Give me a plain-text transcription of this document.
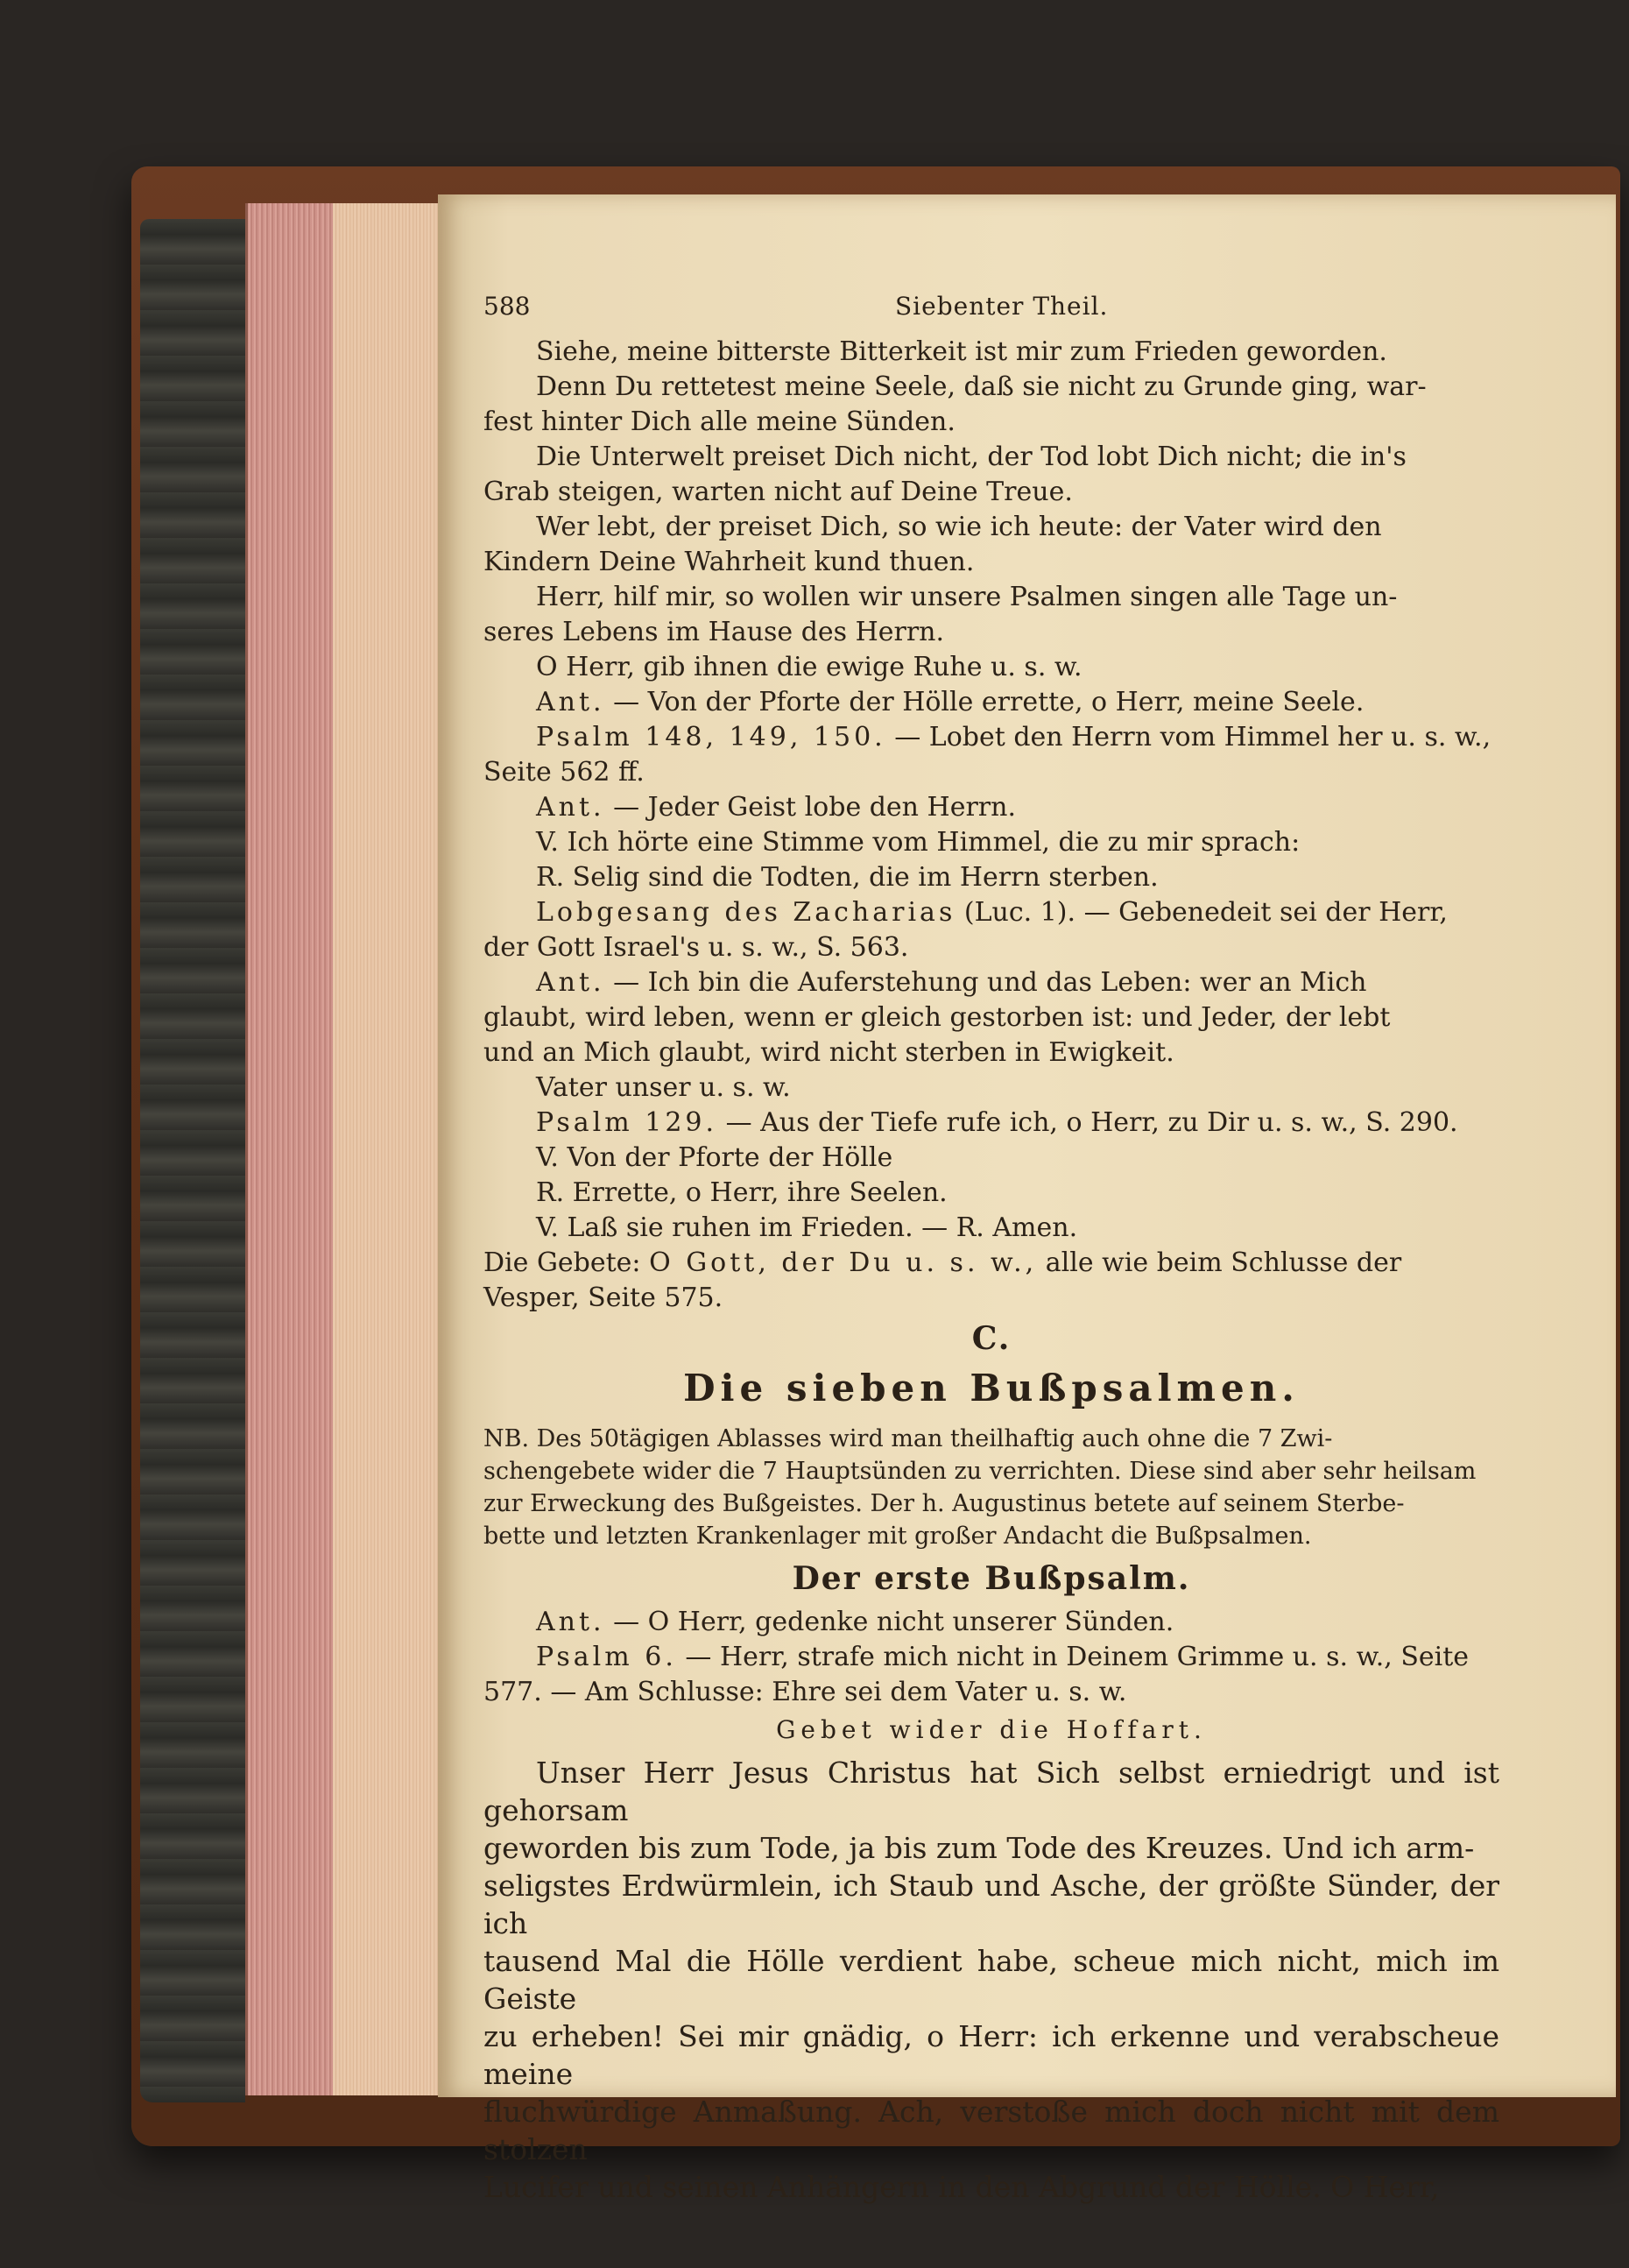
588	Siebenter Theil.

Siehe, meine bitterste Bitterkeit ist mir zum Frieden geworden.

Denn Du rettetest meine Seele, daß sie nicht zu Grunde ging, war-
fest hinter Dich alle meine Sünden.

Die Unterwelt preiset Dich nicht, der Tod lobt Dich nicht; die in's
Grab steigen, warten nicht auf Deine Treue.

Wer lebt, der preiset Dich, so wie ich heute: der Vater wird den
Kindern Deine Wahrheit kund thuen.

Herr, hilf mir, so wollen wir unsere Psalmen singen alle Tage un-
seres Lebens im Hause des Herrn.

O Herr, gib ihnen die ewige Ruhe u. s. w.

Ant. — Von der Pforte der Hölle errette, o Herr, meine Seele.

Psalm 148, 149, 150. — Lobet den Herrn vom Himmel her u. s. w.,
Seite 562 ff.

Ant. — Jeder Geist lobe den Herrn.

V. Ich hörte eine Stimme vom Himmel, die zu mir sprach:

R. Selig sind die Todten, die im Herrn sterben.

Lobgesang des Zacharias (Luc. 1). — Gebenedeit sei der Herr,
der Gott Israel's u. s. w., S. 563.

Ant. — Ich bin die Auferstehung und das Leben: wer an Mich
glaubt, wird leben, wenn er gleich gestorben ist: und Jeder, der lebt
und an Mich glaubt, wird nicht sterben in Ewigkeit.

Vater unser u. s. w.

Psalm 129. — Aus der Tiefe rufe ich, o Herr, zu Dir u. s. w., S. 290.

V. Von der Pforte der Hölle

R. Errette, o Herr, ihre Seelen.

V. Laß sie ruhen im Frieden. — R. Amen.

Die Gebete: O Gott, der Du u. s. w., alle wie beim Schlusse der
Vesper, Seite 575.

C.

Die sieben Bußpsalmen.

NB. Des 50tägigen Ablasses wird man theilhaftig auch ohne die 7 Zwi-
schengebete wider die 7 Hauptsünden zu verrichten. Diese sind aber sehr heilsam
zur Erweckung des Bußgeistes. Der h. Augustinus betete auf seinem Sterbe-
bette und letzten Krankenlager mit großer Andacht die Bußpsalmen.

Der erste Bußpsalm.

Ant. — O Herr, gedenke nicht unserer Sünden.

Psalm 6. — Herr, strafe mich nicht in Deinem Grimme u. s. w., Seite
577. — Am Schlusse: Ehre sei dem Vater u. s. w.

Gebet wider die Hoffart.

Unser Herr Jesus Christus hat Sich selbst erniedrigt und ist gehorsam
geworden bis zum Tode, ja bis zum Tode des Kreuzes. Und ich arm-
seligstes Erdwürmlein, ich Staub und Asche, der größte Sünder, der ich
tausend Mal die Hölle verdient habe, scheue mich nicht, mich im Geiste
zu erheben! Sei mir gnädig, o Herr: ich erkenne und verabscheue meine
fluchwürdige Anmaßung. Ach, verstoße mich doch nicht mit dem stolzen
Lucifer und seinen Anhängern in den Abgrund der Hölle. O Herr,
